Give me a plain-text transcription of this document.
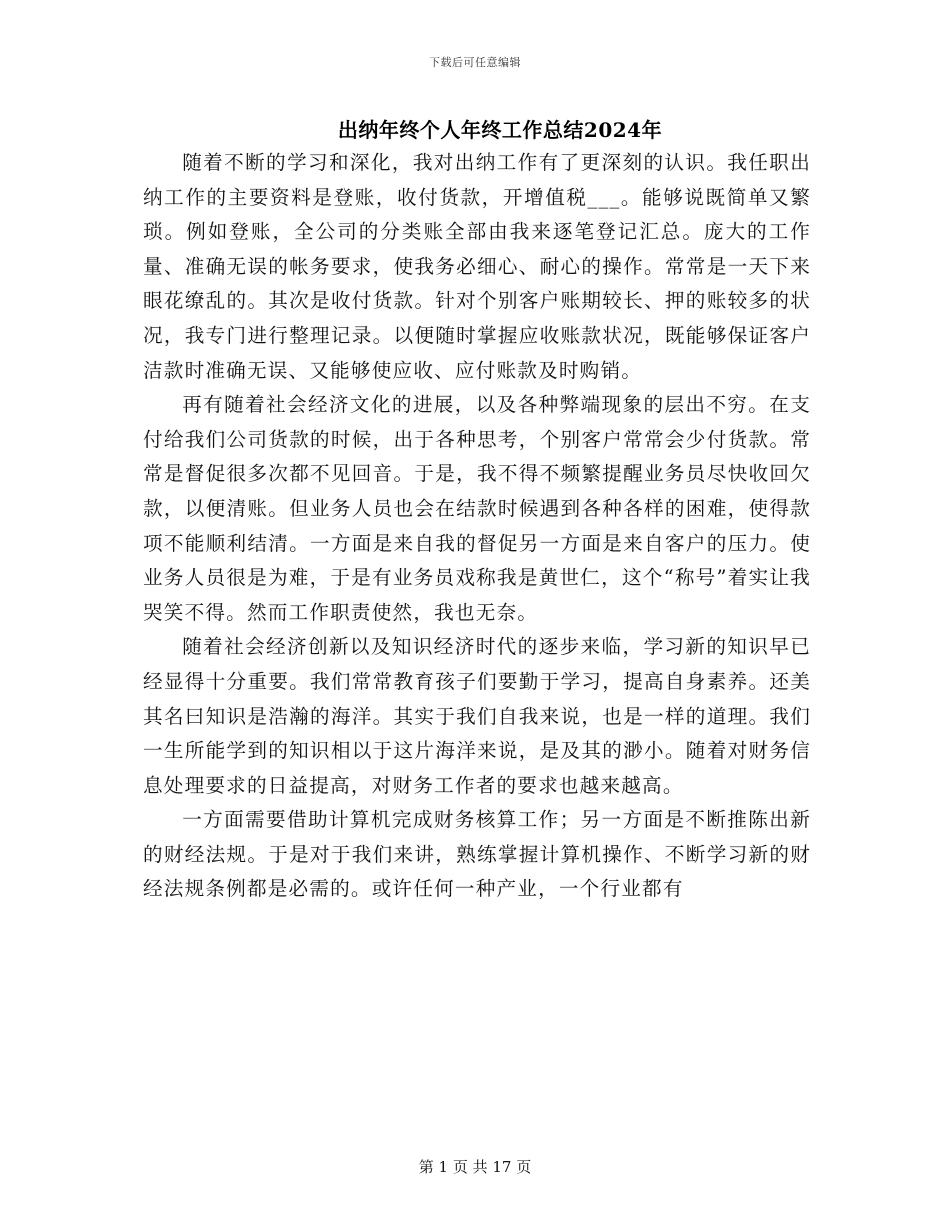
下载后可任意编辑
出纳年终个人年终工作总结2024年

随着不断的学习和深化，我对出纳工作有了更深刻的认识。我任职出纳工作的主要资料是登账，收付货款，开增值税___。能够说既简单又繁琐。例如登账，全公司的分类账全部由我来逐笔登记汇总。庞大的工作量、准确无误的帐务要求，使我务必细心、耐心的操作。常常是一天下来眼花缭乱的。其次是收付货款。针对个别客户账期较长、押的账较多的状况，我专门进行整理记录。以便随时掌握应收账款状况，既能够保证客户洁款时准确无误、又能够使应收、应付账款及时购销。

再有随着社会经济文化的进展，以及各种弊端现象的层出不穷。在支付给我们公司货款的时候，出于各种思考，个别客户常常会少付货款。常常是督促很多次都不见回音。于是，我不得不频繁提醒业务员尽快收回欠款，以便清账。但业务人员也会在结款时候遇到各种各样的困难，使得款项不能顺利结清。一方面是来自我的督促另一方面是来自客户的压力。使业务人员很是为难，于是有业务员戏称我是黄世仁，这个“称号”着实让我哭笑不得。然而工作职责使然，我也无奈。

随着社会经济创新以及知识经济时代的逐步来临，学习新的知识早已经显得十分重要。我们常常教育孩子们要勤于学习，提高自身素养。还美其名曰知识是浩瀚的海洋。其实于我们自我来说，也是一样的道理。我们一生所能学到的知识相以于这片海洋来说，是及其的渺小。随着对财务信息处理要求的日益提高，对财务工作者的要求也越来越高。

一方面需要借助计算机完成财务核算工作；另一方面是不断推陈出新的财经法规。于是对于我们来讲，熟练掌握计算机操作、不断学习新的财经法规条例都是必需的。或许任何一种产业，一个行业都有

第 1 页 共 17 页
